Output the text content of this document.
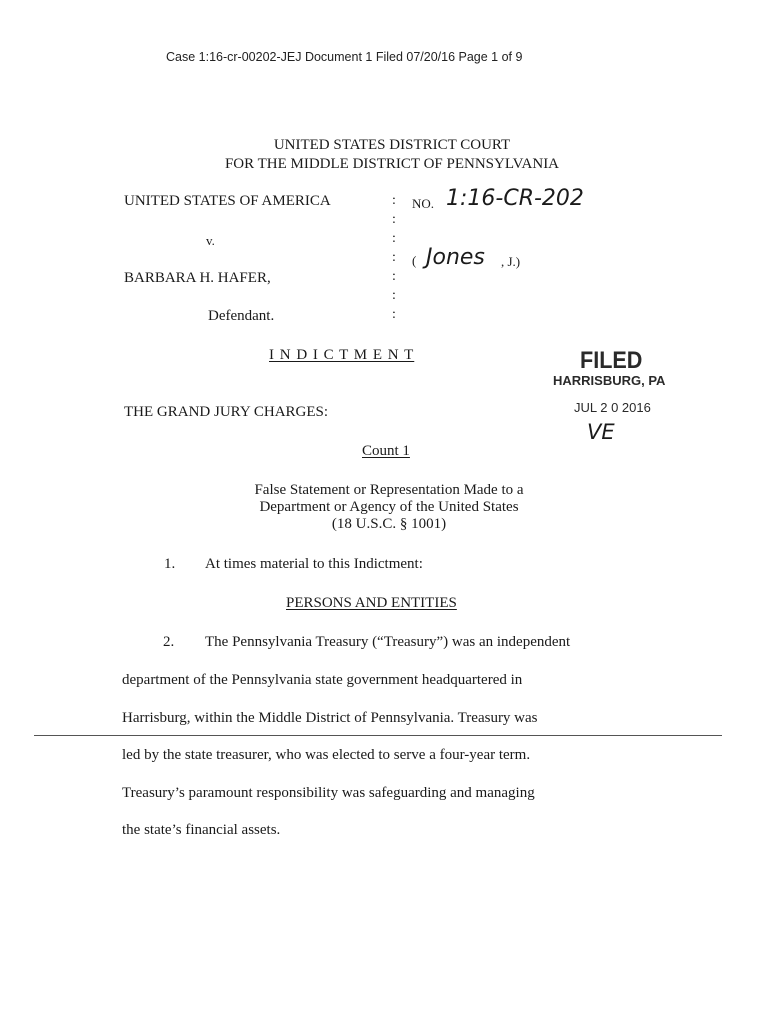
Case 1:16-cr-00202-JEJ Document 1 Filed 07/20/16 Page 1 of 9
UNITED STATES DISTRICT COURT
FOR THE MIDDLE DISTRICT OF PENNSYLVANIA
UNITED STATES OF AMERICA
v.
BARBARA H. HAFER,
Defendant.
:
:
:
:
:
:
:
NO. 1:16-CR-202
( Jones , J.)
I N D I C T M E N T	FILED
HARRISBURG, PA
JUL 2 0 2016
VE
THE GRAND JURY CHARGES:
Count 1
False Statement or Representation Made to a
Department or Agency of the United States
(18 U.S.C. § 1001)
1. At times material to this Indictment:
PERSONS AND ENTITIES
2. The Pennsylvania Treasury (“Treasury”) was an independent
department of the Pennsylvania state government headquartered in
Harrisburg, within the Middle District of Pennsylvania. Treasury was
led by the state treasurer, who was elected to serve a four-year term.
Treasury’s paramount responsibility was safeguarding and managing
the state’s financial assets.
